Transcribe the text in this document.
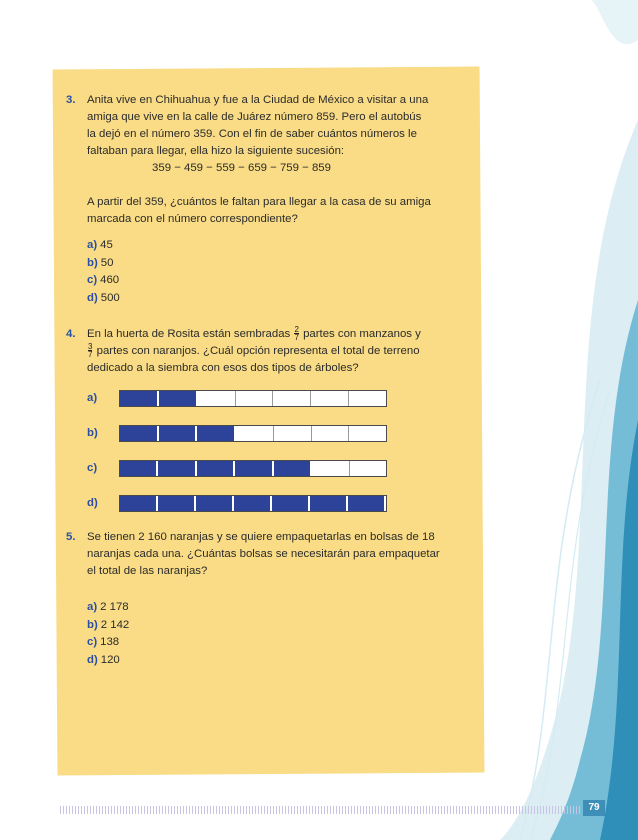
3. Anita vive en Chihuahua y fue a la Ciudad de México a visitar a una
amiga que vive en la calle de Juárez número 859. Pero el autobús
la dejó en el número 359. Con el fin de saber cuántos números le
faltaban para llegar, ella hizo la siguiente sucesión:
359 − 459 − 559 − 659 − 759 − 859
A partir del 359, ¿cuántos le faltan para llegar a la casa de su amiga
marcada con el número correspondiente?
a) 45
b) 50
c) 460
d) 500
4. En la huerta de Rosita están sembradas $\frac{2}{7}$ partes con manzanos y
$\frac{3}{7}$ partes con naranjos. ¿Cuál opción representa el total de terreno
dedicado a la siembra con esos dos tipos de árboles?
a)
b)
c)
d)
5. Se tienen 2 160 naranjas y se quiere empaquetarlas en bolsas de 18
naranjas cada una. ¿Cuántas bolsas se necesitarán para empaquetar
el total de las naranjas?
a) 2 178
b) 2 142
c) 138
d) 120
79
